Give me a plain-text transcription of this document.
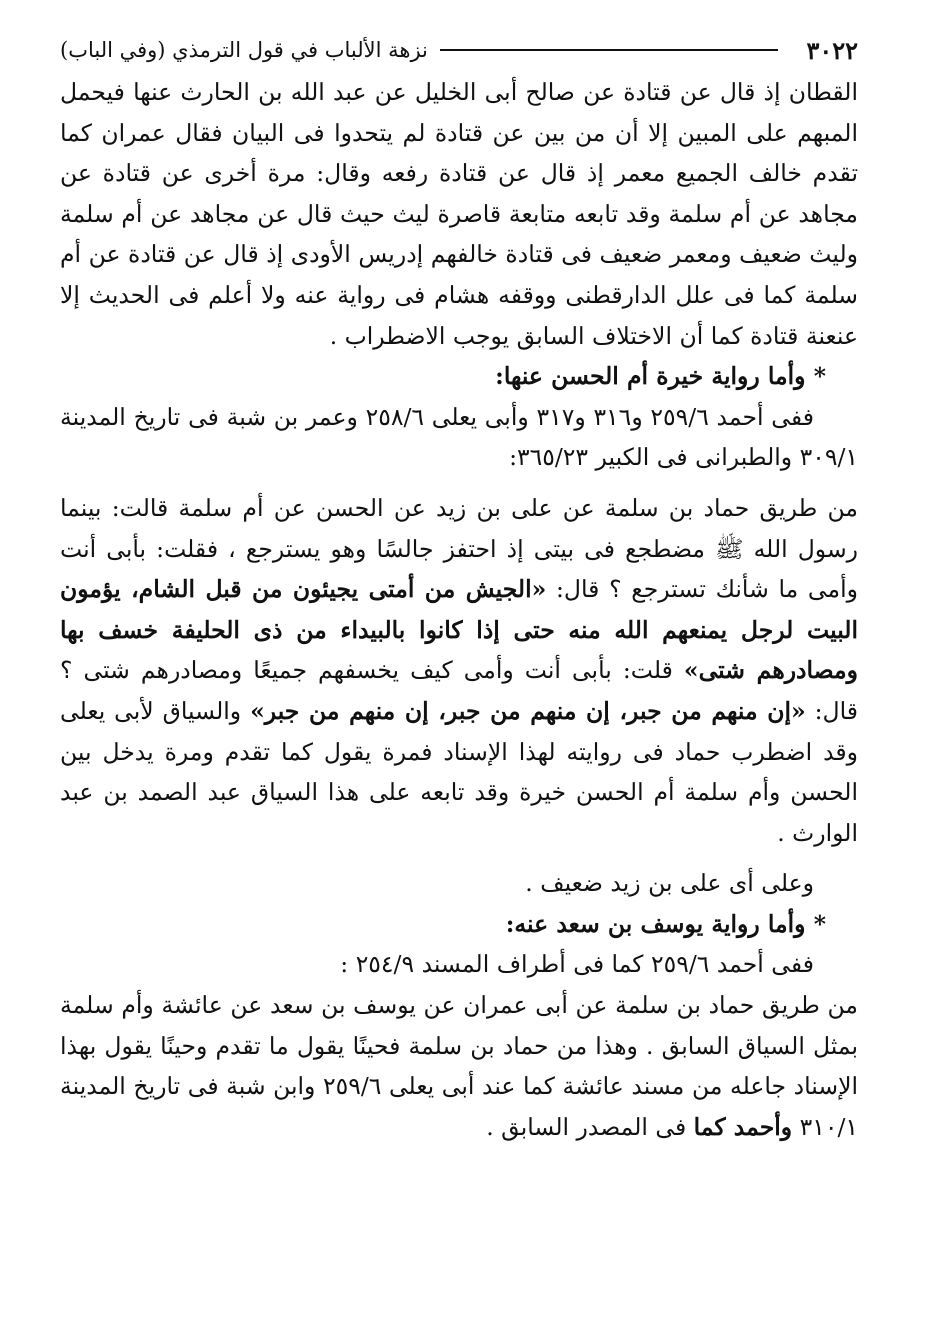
٣٠٢٢
نزهة الألباب في قول الترمذي (وفي الباب)

القطان إذ قال عن قتادة عن صالح أبى الخليل عن عبد الله بن الحارث عنها فيحمل المبهم على المبين إلا أن من بين عن قتادة لم يتحدوا فى البيان فقال عمران كما تقدم خالف الجميع معمر إذ قال عن قتادة رفعه وقال: مرة أخرى عن قتادة عن مجاهد عن أم سلمة وقد تابعه متابعة قاصرة ليث حيث قال عن مجاهد عن أم سلمة وليث ضعيف ومعمر ضعيف فى قتادة خالفهم إدريس الأودى إذ قال عن قتادة عن أم سلمة كما فى علل الدارقطنى ووقفه هشام فى رواية عنه ولا أعلم فى الحديث إلا عنعنة قتادة كما أن الاختلاف السابق يوجب الاضطراب .

* وأما رواية خيرة أم الحسن عنها:

ففى أحمد ٢٥٩/٦ و٣١٦ و٣١٧ وأبى يعلى ٢٥٨/٦ وعمر بن شبة فى تاريخ المدينة ٣٠٩/١ والطبرانى فى الكبير ٣٦٥/٢٣:

من طريق حماد بن سلمة عن على بن زيد عن الحسن عن أم سلمة قالت: بينما رسول الله ﷺ مضطجع فى بيتى إذ احتفز جالسًا وهو يسترجع ، فقلت: بأبى أنت وأمى ما شأنك تسترجع ؟ قال: «الجيش من أمتى يجيئون من قبل الشام، يؤمون البيت لرجل يمنعهم الله منه حتى إذا كانوا بالبيداء من ذى الحليفة خسف بها ومصادرهم شتى» قلت: بأبى أنت وأمى كيف يخسفهم جميعًا ومصادرهم شتى ؟ قال: «إن منهم من جبر، إن منهم من جبر، إن منهم من جبر» والسياق لأبى يعلى وقد اضطرب حماد فى روايته لهذا الإسناد فمرة يقول كما تقدم ومرة يدخل بين الحسن وأم سلمة أم الحسن خيرة وقد تابعه على هذا السياق عبد الصمد بن عبد الوارث .

وعلى أى على بن زيد ضعيف .

* وأما رواية يوسف بن سعد عنه:

ففى أحمد ٢٥٩/٦ كما فى أطراف المسند ٢٥٤/٩ :

من طريق حماد بن سلمة عن أبى عمران عن يوسف بن سعد عن عائشة وأم سلمة بمثل السياق السابق . وهذا من حماد بن سلمة فحينًا يقول ما تقدم وحينًا يقول بهذا الإسناد جاعله من مسند عائشة كما عند أبى يعلى ٢٥٩/٦ وابن شبة فى تاريخ المدينة ٣١٠/١ وأحمد كما فى المصدر السابق .
